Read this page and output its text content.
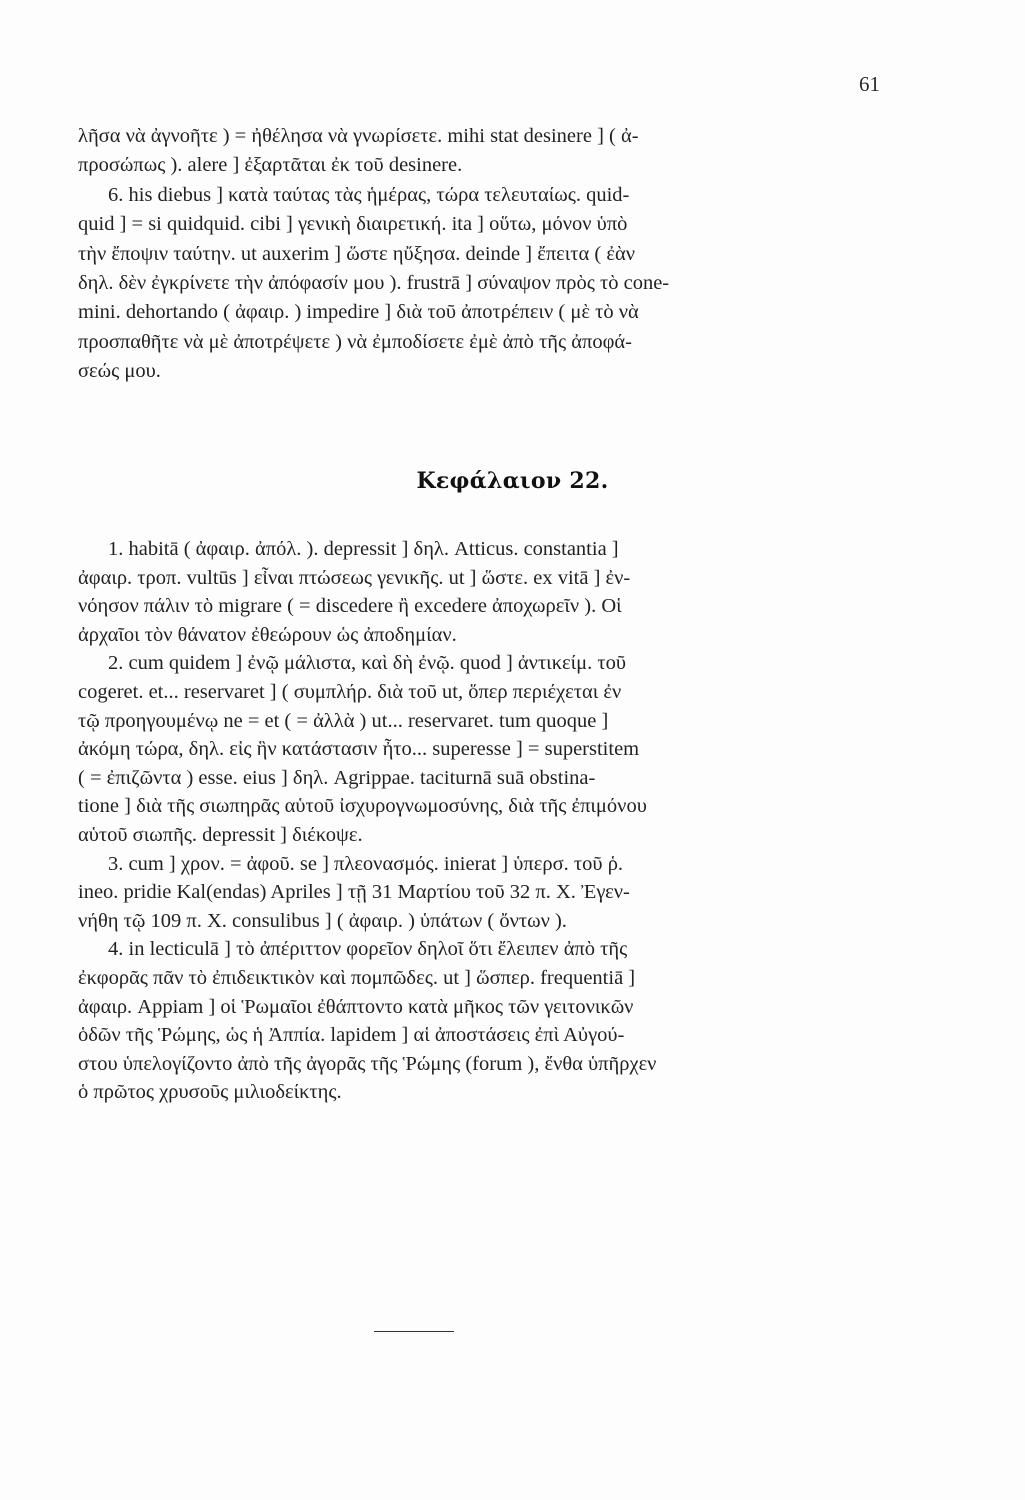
61

λῆσα νὰ ἀγνοῆτε ) = ἠθέλησα νὰ γνωρίσετε. mihi stat desinere ] ( ἀ-
προσώπως ). alere ] ἐξαρτᾶται ἐκ τοῦ desinere.
6. his diebus ] κατὰ ταύτας τὰς ἡμέρας, τώρα τελευταίως. quid-
quid ] = si quidquid. cibi ] γενικὴ διαιρετική. ita ] οὕτω, μόνον ὑπὸ
τὴν ἔποψιν ταύτην. ut auxerim ] ὥστε ηὔξησα. deinde ] ἔπειτα ( ἐὰν
δηλ. δὲν ἐγκρίνετε τὴν ἀπόφασίν μου ). frustrā ] σύναψον πρὸς τὸ cone-
mini. dehortando ( ἀφαιρ. ) impedire ] διὰ τοῦ ἀποτρέπειν ( μὲ τὸ νὰ
προσπαθῆτε νὰ μὲ ἀποτρέψετε ) νὰ ἐμποδίσετε ἐμὲ ἀπὸ τῆς ἀποφά-
σεώς μου.
Κεφάλαιον 22.
1. habitā ( ἀφαιρ. ἀπόλ. ). depressit ] δηλ. Atticus. constantia ]
ἀφαιρ. τροπ. vultūs ] εἶναι πτώσεως γενικῆς. ut ] ὥστε. ex vitā ] ἐν-
νόησον πάλιν τὸ migrare ( = discedere ἢ excedere ἀποχωρεῖν ). Οἱ
ἀρχαῖοι τὸν θάνατον ἐθεώρουν ὡς ἀποδημίαν.
2. cum quidem ] ἐνῷ μάλιστα, καὶ δὴ ἐνῷ. quod ] ἀντικείμ. τοῦ
cogeret. et... reservaret ] ( συμπλήρ. διὰ τοῦ ut, ὅπερ περιέχεται ἐν
τῷ προηγουμένῳ ne = et ( = ἀλλὰ ) ut... reservaret. tum quoque ]
ἀκόμη τώρα, δηλ. εἰς ἣν κατάστασιν ἦτο... superesse ] = superstitem
( = ἐπιζῶντα ) esse. eius ] δηλ. Agrippae. taciturnā suā obstina-
tione ] διὰ τῆς σιωπηρᾶς αὑτοῦ ἰσχυρογνωμοσύνης, διὰ τῆς ἐπιμόνου
αὑτοῦ σιωπῆς. depressit ] διέκοψε.
3. cum ] χρον. = ἀφοῦ. se ] πλεονασμός. inierat ] ὑπερσ. τοῦ ῥ.
ineo. pridie Kal(endas) Apriles ] τῇ 31 Μαρτίου τοῦ 32 π. Χ. Ἐγεν-
νήθη τῷ 109 π. Χ. consulibus ] ( ἀφαιρ. ) ὑπάτων ( ὄντων ).
4. in lecticulā ] τὸ ἀπέριττον φορεῖον δηλοῖ ὅτι ἔλειπεν ἀπὸ τῆς
ἐκφορᾶς πᾶν τὸ ἐπιδεικτικὸν καὶ πομπῶδες. ut ] ὥσπερ. frequentiā ]
ἀφαιρ. Appiam ] οἱ Ῥωμαῖοι ἐθάπτοντο κατὰ μῆκος τῶν γειτονικῶν
ὁδῶν τῆς Ῥώμης, ὡς ἡ Ἀππία. lapidem ] αἱ ἀποστάσεις ἐπὶ Αὐγού-
στου ὑπελογίζοντο ἀπὸ τῆς ἀγορᾶς τῆς Ῥώμης (forum ), ἔνθα ὑπῆρχεν
ὁ πρῶτος χρυσοῦς μιλιοδείκτης.
